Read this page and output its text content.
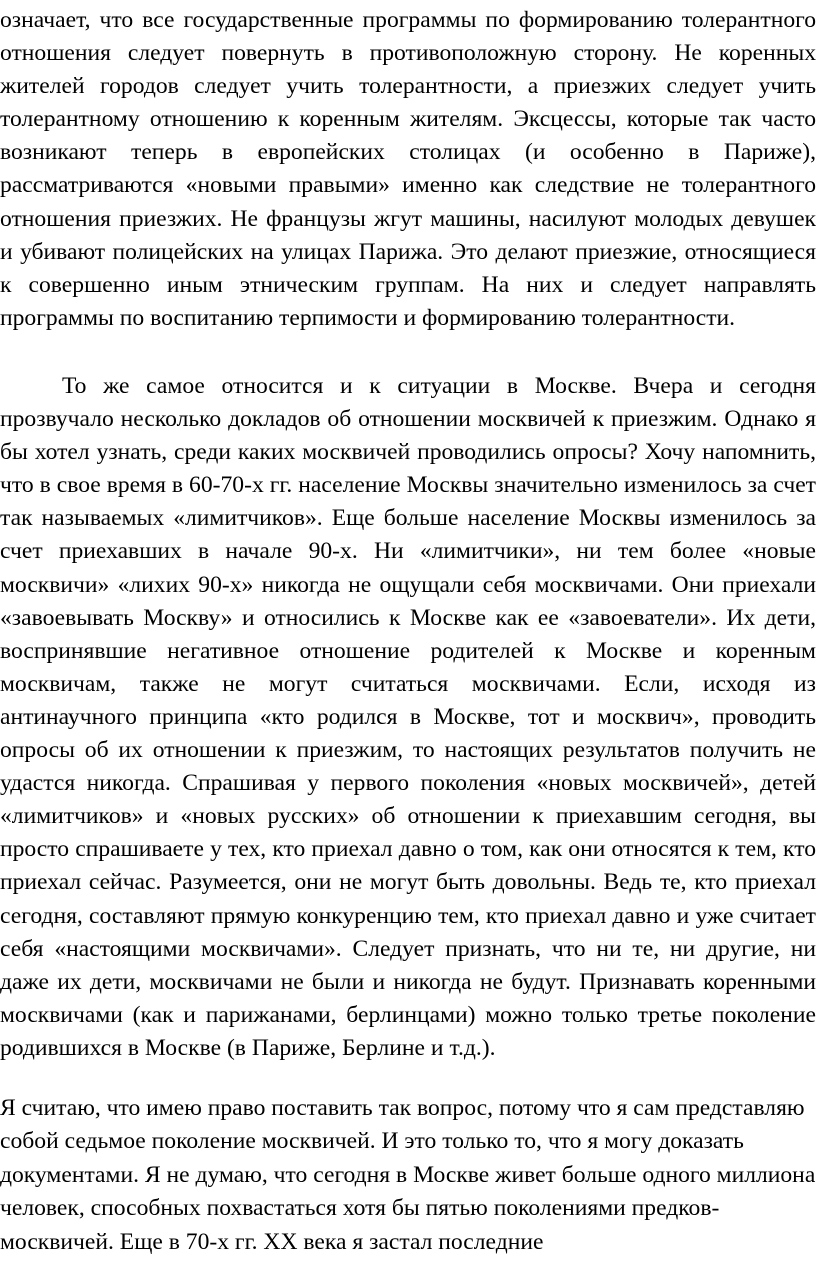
означает, что все государственные программы по формированию толерантного отношения следует повернуть в противоположную сторону. Не коренных жителей городов следует учить толерантности, а приезжих следует учить толерантному отношению к коренным жителям. Эксцессы, которые так часто возникают теперь в европейских столицах (и особенно в Париже), рассматриваются «новыми правыми» именно как следствие не толерантного отношения приезжих. Не французы жгут машины, насилуют молодых девушек и убивают полицейских на улицах Парижа. Это делают приезжие, относящиеся к совершенно иным этническим группам. На них и следует направлять программы по воспитанию терпимости и формированию толерантности.

То же самое относится и к ситуации в Москве. Вчера и сегодня прозвучало несколько докладов об отношении москвичей к приезжим. Однако я бы хотел узнать, среди каких москвичей проводились опросы? Хочу напомнить, что в свое время в 60-70-х гг. население Москвы значительно изменилось за счет так называемых «лимитчиков». Еще больше население Москвы изменилось за счет приехавших в начале 90-х. Ни «лимитчики», ни тем более «новые москвичи» «лихих 90-х» никогда не ощущали себя москвичами. Они приехали «завоевывать Москву» и относились к Москве как ее «завоеватели». Их дети, воспринявшие негативное отношение родителей к Москве и коренным москвичам, также не могут считаться москвичами. Если, исходя из антинаучного принципа «кто родился в Москве, тот и москвич», проводить опросы об их отношении к приезжим, то настоящих результатов получить не удастся никогда. Спрашивая у первого поколения «новых москвичей», детей «лимитчиков» и «новых русских» об отношении к приехавшим сегодня, вы просто спрашиваете у тех, кто приехал давно о том, как они относятся к тем, кто приехал сейчас. Разумеется, они не могут быть довольны. Ведь те, кто приехал сегодня, составляют прямую конкуренцию тем, кто приехал давно и уже считает себя «настоящими москвичами». Следует признать, что ни те, ни другие, ни даже их дети, москвичами не были и никогда не будут. Признавать коренными москвичами (как и парижанами, берлинцами) можно только третье поколение родившихся в Москве (в Париже, Берлине и т.д.).

Я считаю, что имею право поставить так вопрос, потому что я сам представляю собой седьмое поколение москвичей. И это только то, что я могу доказать документами. Я не думаю, что сегодня в Москве живет больше одного миллиона человек, способных похвастаться хотя бы пятью поколениями предков-москвичей. Еще в 70-х гг. XX века я застал последние
